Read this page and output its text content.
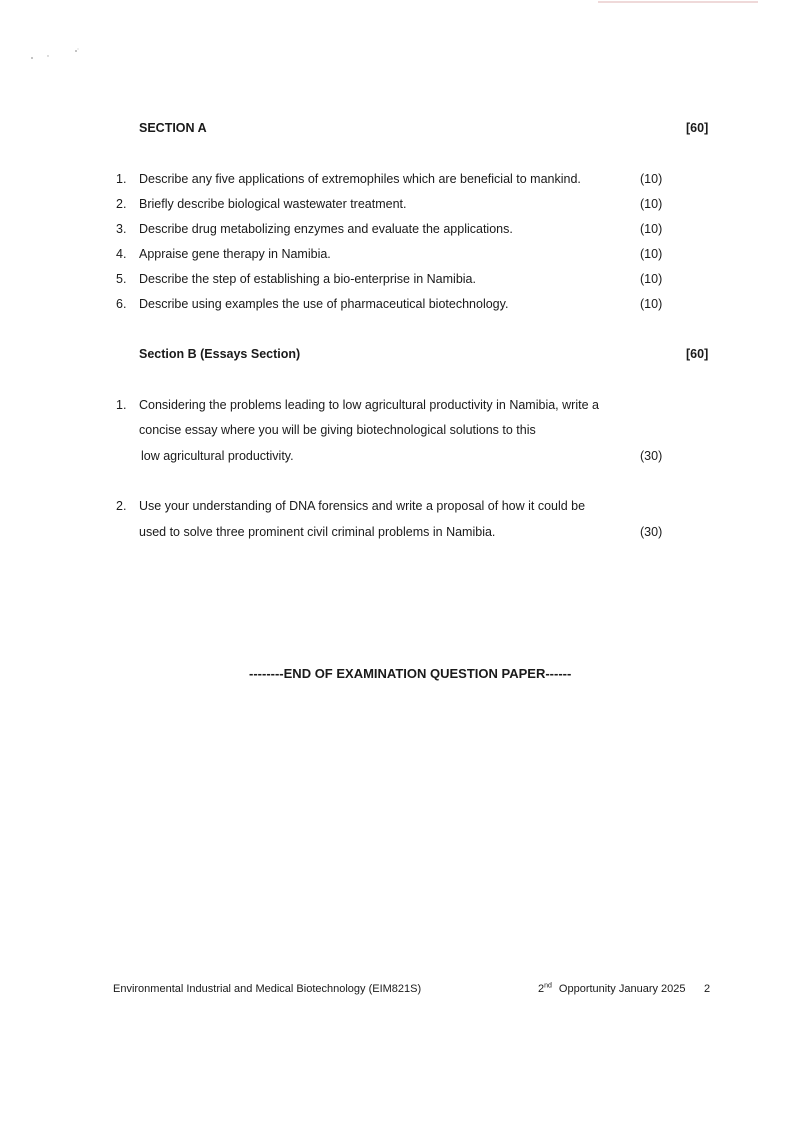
SECTION A	[60]
1. Describe any five applications of extremophiles which are beneficial to mankind.	(10)
2. Briefly describe biological wastewater treatment.	(10)
3. Describe drug metabolizing enzymes and evaluate the applications.	(10)
4. Appraise gene therapy in Namibia.	(10)
5. Describe the step of establishing a bio-enterprise in Namibia.	(10)
6. Describe using examples the use of pharmaceutical biotechnology.	(10)
Section B (Essays Section)	[60]
1. Considering the problems leading to low agricultural productivity in Namibia, write a
concise essay where you will be giving biotechnological solutions to this
low agricultural productivity.	(30)
2. Use your understanding of DNA forensics and write a proposal of how it could be
used to solve three prominent civil criminal problems in Namibia.	(30)
--------END OF EXAMINATION QUESTION PAPER------
Environmental Industrial and Medical Biotechnology (EIM821S)	2nd Opportunity January 2025 2
